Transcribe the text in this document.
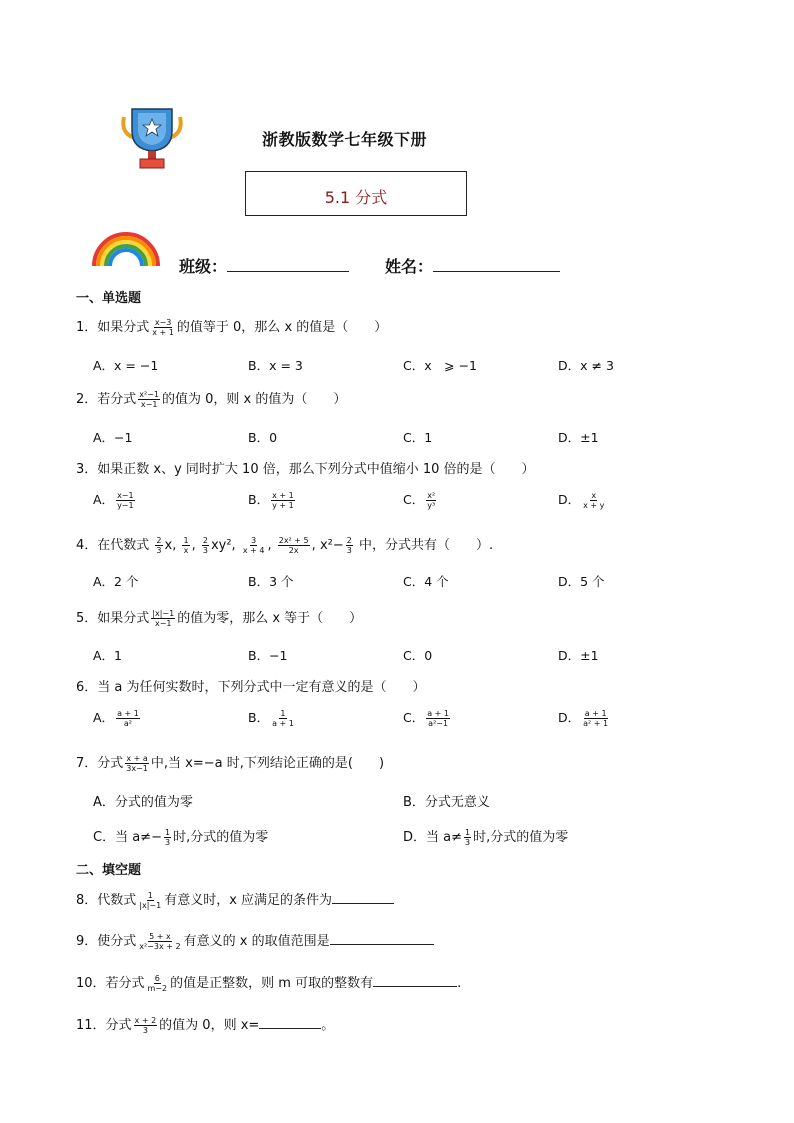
浙教版数学七年级下册
5.1 分式
班级：	姓名：
一、单选题
1．如果分式 $\frac{x-3}{x + 1}$ 的值等于 0，那么 x 的值是（　　）
A．x = −1	B．x = 3	C．x　⩾ −1	D．x ≠ 3
2．若分式 $\frac{\text{x²−1}}{x-1}$ 的值为 0，则 x 的值为（　　）
A．−1	B．0	C．1	D．±1
3．如果正数 x、y 同时扩大 10 倍，那么下列分式中值缩小 10 倍的是（　　）
A． $\frac{x-1}{y-1}$	B． $\frac{x + 1}{y + 1}$	C． $\frac{\text{x²}}{\text{y³}}$	D． $\frac{x}{x + y}$
4．在代数式 $\frac{2}{3} x$, $\frac{1}{x}$ , $\frac{2}{3} xy^2$, $\frac{3}{x + 4}$ , $\frac{\text{2x² + 5}}{2x}$ , $x^2- \frac{2}{3}$ 中，分式共有（　　）.
A．2 个	B．3 个	C．4 个	D．5 个
5．如果分式 $\frac{|x|-1}{x-1}$ 的值为零，那么 x 等于（　　）
A．1	B．−1	C．0	D．±1
6．当 a 为任何实数时，下列分式中一定有意义的是（　　）
A． $\frac{a + 1}{\text{a²}}$	B． $\frac{1}{a + 1}$	C． $\frac{a + 1}{\text{a²−1}}$	D． $\frac{a + 1}{\text{a² + 1}}$
7．分式 $\frac{x + a}{3x-1}$ 中,当 x=−a 时,下列结论正确的是(　　)
A．分式的值为零	B．分式无意义
C．当 $a\ne- \frac{1}{3}$ 时,分式的值为零	D．当 $a\ne \frac{1}{3}$ 时,分式的值为零
二、填空题
8．代数式 $\frac{1}{|x|-1}$ 有意义时，x 应满足的条件为
9．使分式 $\frac{5 + x}{\text{x²−3x + 2}}$ 有意义的 x 的取值范围是
10．若分式 $\frac{6}{m-2}$ 的值是正整数，则 m 可取的整数有	.
11．分式 $\frac{x + 2}{3}$ 的值为 0，则 x=	。
